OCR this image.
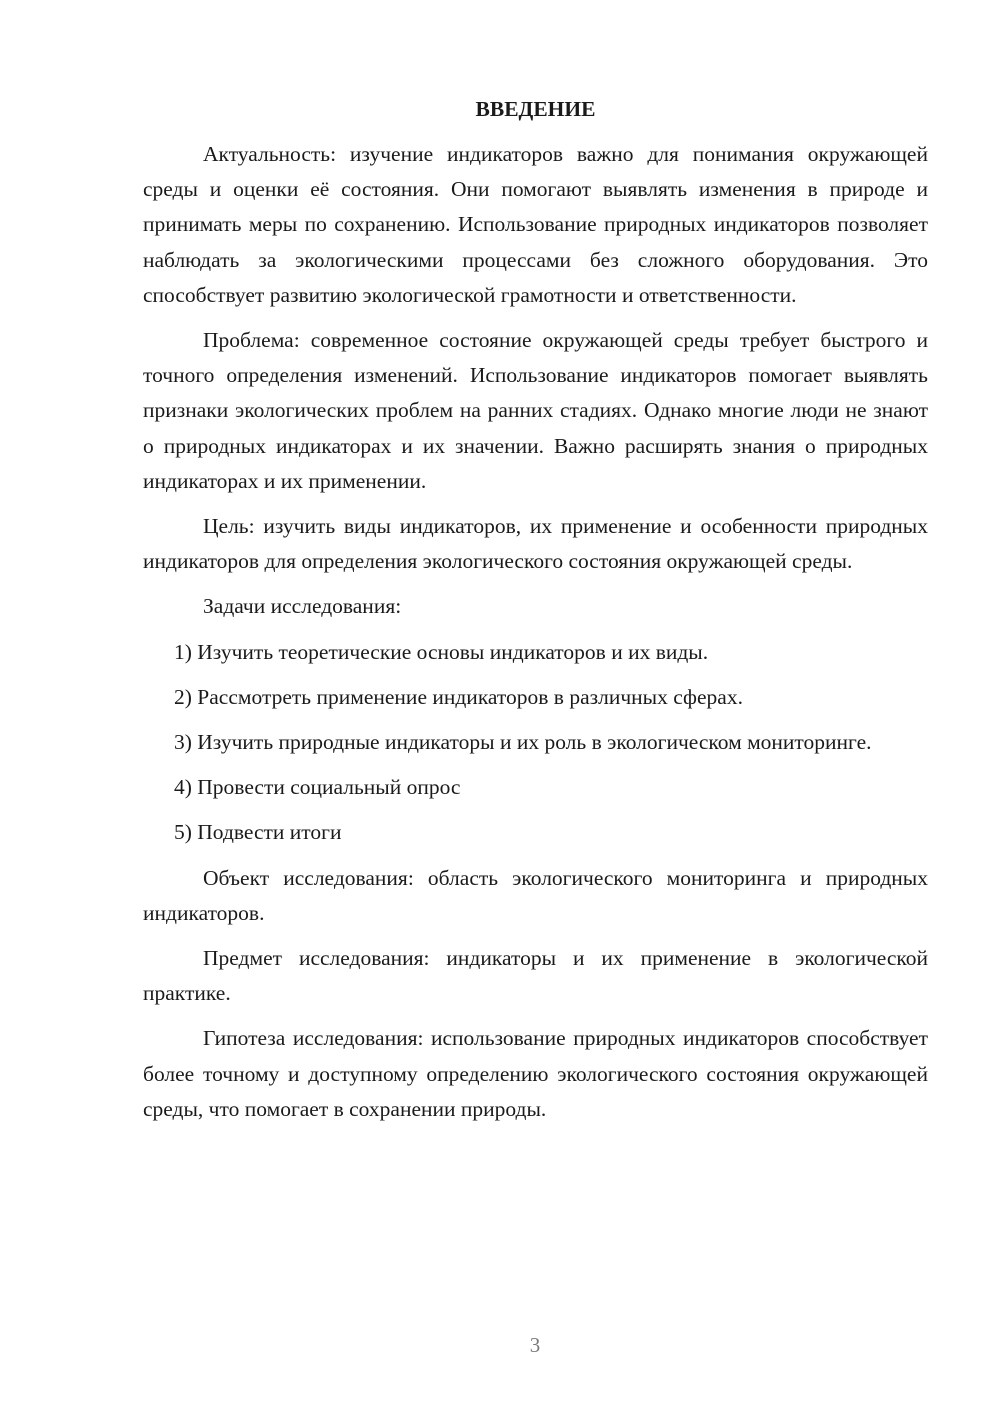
ВВЕДЕНИЕ

Актуальность: изучение индикаторов важно для понимания окружающей среды и оценки её состояния. Они помогают выявлять изменения в природе и принимать меры по сохранению. Использование природных индикаторов позволяет наблюдать за экологическими процессами без сложного оборудования. Это способствует развитию экологической грамотности и ответственности.

Проблема: современное состояние окружающей среды требует быстрого и точного определения изменений. Использование индикаторов помогает выявлять признаки экологических проблем на ранних стадиях. Однако многие люди не знают о природных индикаторах и их значении. Важно расширять знания о природных индикаторах и их применении.

Цель: изучить виды индикаторов, их применение и особенности природных индикаторов для определения экологического состояния окружающей среды.

Задачи исследования:

1) Изучить теоретические основы индикаторов и их виды.

2) Рассмотреть применение индикаторов в различных сферах.

3) Изучить природные индикаторы и их роль в экологическом мониторинге.

4) Провести социальный опрос

5) Подвести итоги

Объект исследования: область экологического мониторинга и природных индикаторов.

Предмет исследования: индикаторы и их применение в экологической практике.

Гипотеза исследования: использование природных индикаторов способствует более точному и доступному определению экологического состояния окружающей среды, что помогает в сохранении природы.

3
